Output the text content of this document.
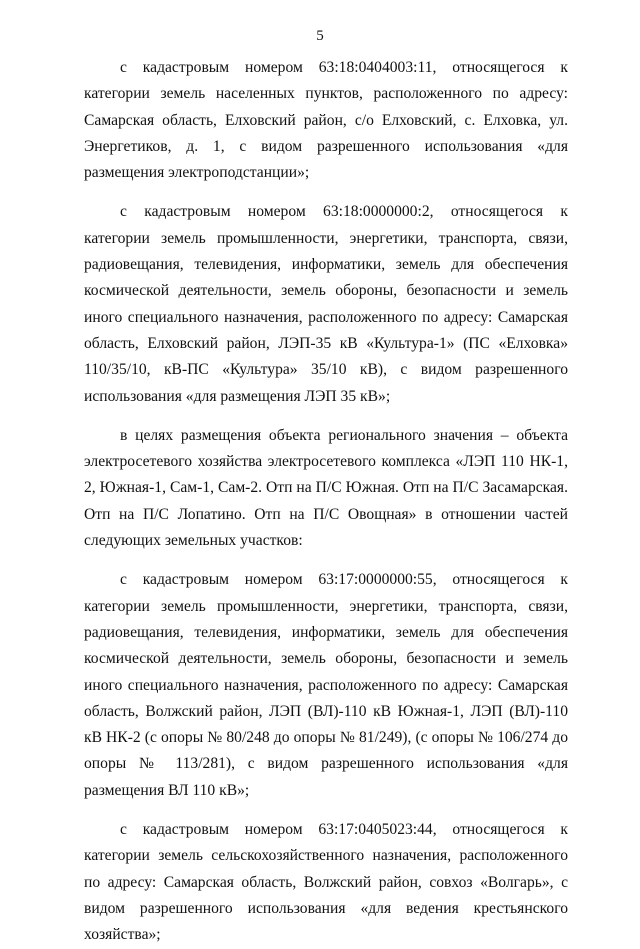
5

с кадастровым номером 63:18:0404003:11, относящегося к категории земель населенных пунктов, расположенного по адресу: Самарская область, Елховский район, с/о Елховский, с. Елховка, ул. Энергетиков, д. 1, с видом разрешенного использования «для размещения электроподстанции»;

с кадастровым номером 63:18:0000000:2, относящегося к категории земель промышленности, энергетики, транспорта, связи, радиовещания, телевидения, информатики, земель для обеспечения космической деятельности, земель обороны, безопасности и земель иного специального назначения, расположенного по адресу: Самарская область, Елховский район, ЛЭП-35 кВ «Культура-1» (ПС «Елховка» 110/35/10, кВ-ПС «Культура» 35/10 кВ), с видом разрешенного использования «для размещения ЛЭП 35 кВ»;

в целях размещения объекта регионального значения – объекта электросетевого хозяйства электросетевого комплекса «ЛЭП 110 НК-1, 2, Южная-1, Сам-1, Сам-2. Отп на П/С Южная. Отп на П/С Засамарская. Отп на П/С Лопатино. Отп на П/С Овощная» в отношении частей следующих земельных участков:

с кадастровым номером 63:17:0000000:55, относящегося к категории земель промышленности, энергетики, транспорта, связи, радиовещания, телевидения, информатики, земель для обеспечения космической деятельности, земель обороны, безопасности и земель иного специального назначения, расположенного по адресу: Самарская область, Волжский район, ЛЭП (ВЛ)-110 кВ Южная-1, ЛЭП (ВЛ)-110 кВ НК-2 (с опоры № 80/248 до опоры № 81/249), (с опоры № 106/274 до опоры № 113/281), с видом разрешенного использования «для размещения ВЛ 110 кВ»;

с кадастровым номером 63:17:0405023:44, относящегося к категории земель сельскохозяйственного назначения, расположенного по адресу: Самарская область, Волжский район, совхоз «Волгарь», с видом разрешенного использования «для ведения крестьянского хозяйства»;
